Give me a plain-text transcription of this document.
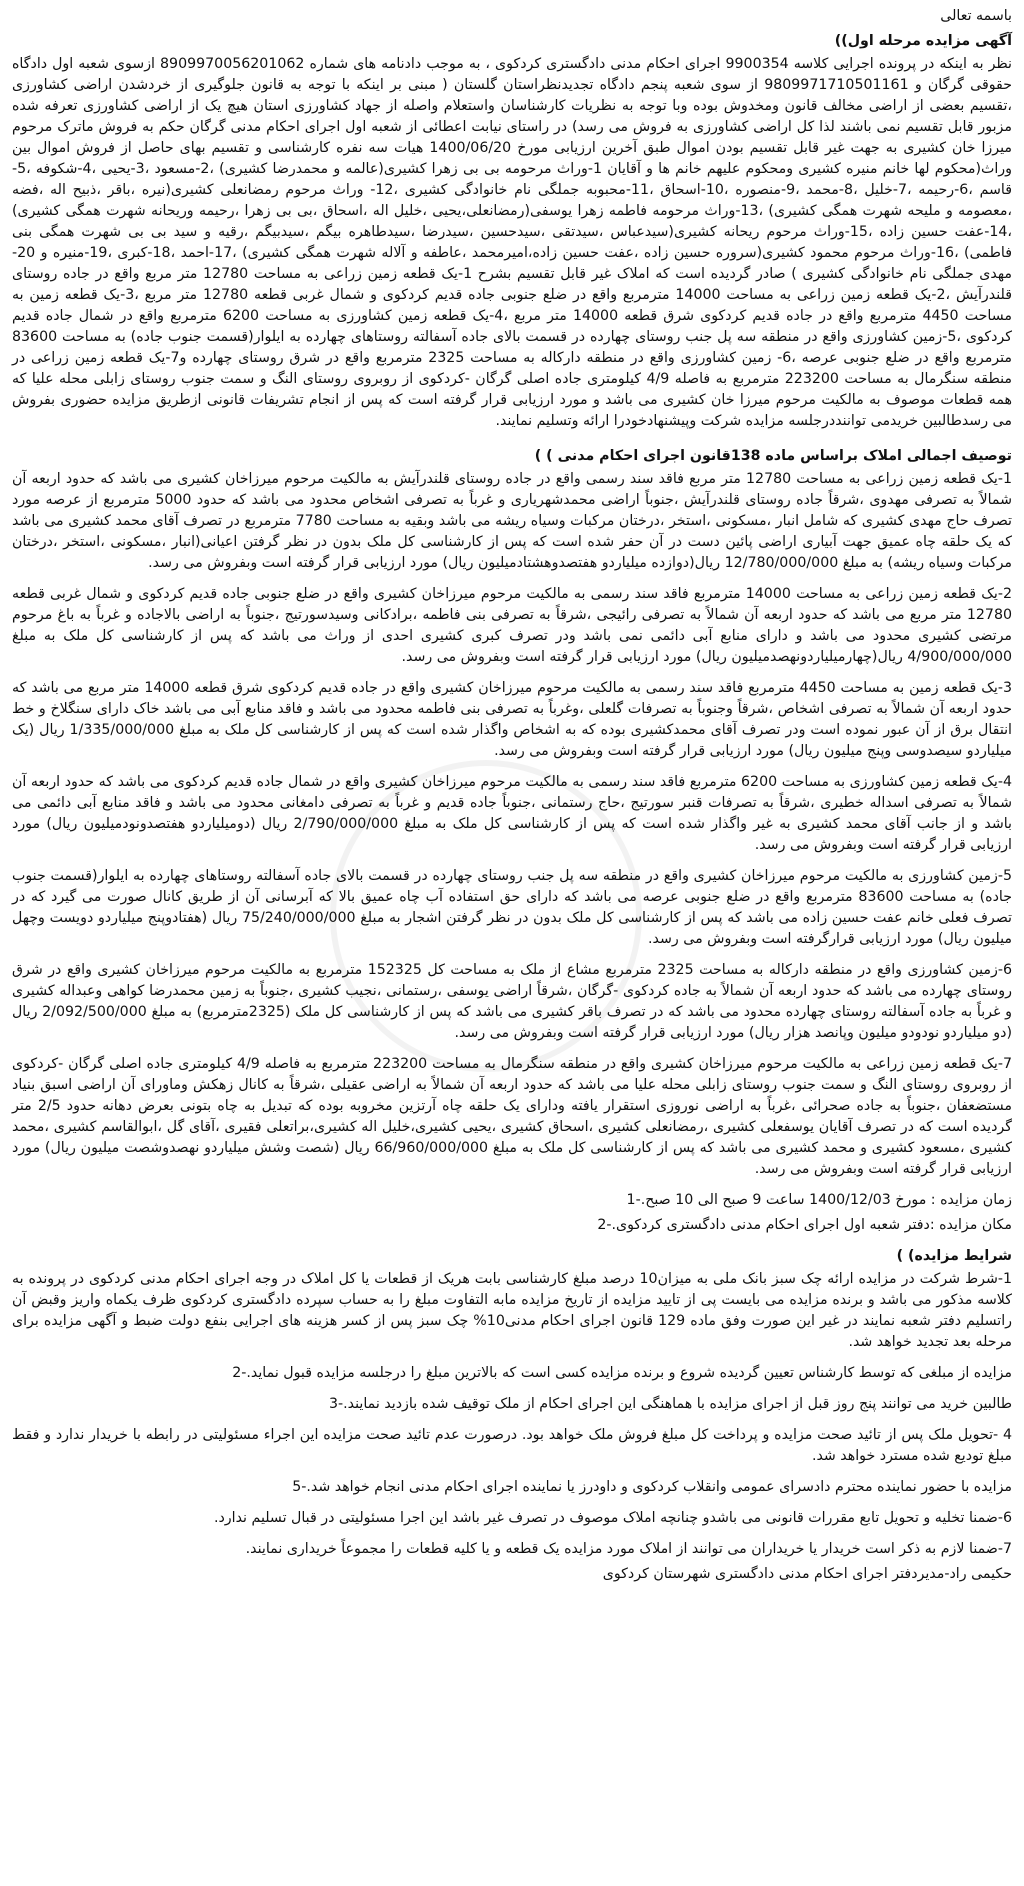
باسمه تعالی

آگهی مزایده مرحله اول))

نظر به اینکه در پرونده اجرایی کلاسه 9900354 اجرای احکام مدنی دادگستری کردکوی ، به موجب دادنامه های شماره 8909970056201062 ازسوی شعبه اول دادگاه حقوقی گرگان و 9809971710501161 از سوی شعبه پنجم دادگاه تجدیدنظراستان گلستان ( مبنی بر اینکه با توجه به قانون جلوگیری از خردشدن اراضی کشاورزی ،تقسیم بعضی از اراضی مخالف قانون ومخدوش بوده وبا توجه به نظریات کارشناسان واستعلام واصله از جهاد کشاورزی استان هیچ یک از اراضی کشاورزی تعرفه شده مزبور قابل تقسیم نمی باشند لذا کل اراضی کشاورزی به فروش می رسد) در راستای نیابت اعطائی از شعبه اول اجرای احکام مدنی گرگان حکم به فروش ماترک مرحوم میرزا خان کشیری به جهت غیر قابل تقسیم بودن اموال طبق آخرین ارزیابی مورخ 1400/06/20 هیات سه نفره کارشناسی و تقسیم بهای حاصل از فروش اموال بین وراث(محکوم لها خانم منیره کشیری ومحکوم علیهم خانم ها و آقایان 1-وراث مرحومه بی بی زهرا کشیری(عالمه و محمدرضا کشیری) ،2-مسعود ،3-یحیی ،4-شکوفه ،5-قاسم ،6-رحیمه ،7-خلیل ،8-محمد ،9-منصوره ،10-اسحاق ،11-محبوبه جملگی نام خانوادگی کشیری ،12- وراث مرحوم رمضانعلی کشیری(نیره ،باقر ،ذبیح اله ،فضه ،معصومه و ملیحه شهرت همگی کشیری) ،13-وراث مرحومه فاطمه زهرا یوسفی(رمضانعلی،یحیی ،خلیل اله ،اسحاق ،بی بی زهرا ،رحیمه وریحانه شهرت همگی کشیری) ،14-عفت حسین زاده ،15-وراث مرحوم ریحانه کشیری(سیدعباس ،سیدتقی ،سیدحسین ،سیدرضا ،سیدطاهره بیگم ،سیدبیگم ،رقیه و سید بی بی شهرت همگی بنی فاطمی) ،16-وراث مرحوم محمود کشیری(سروره حسین زاده ،عفت حسین زاده،امیرمحمد ،عاطفه و آلاله شهرت همگی کشیری) ،17-احمد ،18-کبری ،19-منیره و 20-مهدی جملگی نام خانوادگی کشیری ) صادر گردیده است که املاک غیر قابل تقسیم بشرح 1-یک قطعه زمین زراعی به مساحت 12780 متر مربع واقع در جاده روستای قلندرآیش ،2-یک قطعه زمین زراعی به مساحت 14000 مترمربع واقع در ضلع جنوبی جاده قدیم کردکوی و شمال غربی قطعه 12780 متر مربع ،3-یک قطعه زمین به مساحت 4450 مترمربع واقع در جاده قدیم کردکوی شرق قطعه 14000 متر مربع ،4-یک قطعه زمین کشاورزی به مساحت 6200 مترمربع واقع در شمال جاده قدیم کردکوی ،5-زمین کشاورزی واقع در منطقه سه پل جنب روستای چهارده در قسمت بالای جاده آسفالته روستاهای چهارده به ایلوار(قسمت جنوب جاده) به مساحت 83600 مترمربع واقع در ضلع جنوبی عرصه ،6- زمین کشاورزی واقع در منطقه دارکاله به مساحت 2325 مترمربع واقع در شرق روستای چهارده و7-یک قطعه زمین زراعی در منطقه سنگرمال به مساحت 223200 مترمربع به فاصله 4/9 کیلومتری جاده اصلی گرگان -کردکوی از روبروی روستای النگ و سمت جنوب روستای زابلی محله علیا که همه قطعات موصوف به مالکیت مرحوم میرزا خان کشیری می باشد و مورد ارزیابی قرار گرفته است که پس از انجام تشریفات قانونی ازطریق مزایده حضوری بفروش می رسدطالبین خریدمی توانندد‌رجلسه مزایده شرکت وپیشنهادخودرا ارائه وتسلیم نمایند.

توصیف اجمالی املاک براساس ماده 138قانون اجرای احکام مدنی ) )

1-یک قطعه زمین زراعی به مساحت 12780 متر مربع فاقد سند رسمی واقع در جاده روستای قلندرآیش به مالکیت مرحوم میرزاخان کشیری می باشد که حدود اربعه آن شمالاً به تصرفی مهدوی ،شرقاً جاده روستای قلندرآیش ،جنوباً اراضی محمدشهریاری و غرباً به تصرفی اشخاص محدود می باشد که حدود 5000 مترمربع از عرصه مورد تصرف حاج مهدی کشیری که شامل انبار ،مسکونی ،استخر ،درختان مرکبات وسیاه ریشه می باشد وبقیه به مساحت 7780 مترمربع در تصرف آقای محمد کشیری می باشد که یک حلقه چاه عمیق جهت آبیاری اراضی پائین دست در آن حفر شده است که پس از کارشناسی کل ملک بدون در نظر گرفتن اعیانی(انبار ،مسکونی ،استخر ،درختان مرکبات وسیاه ریشه) به مبلغ 12/780/000/000 ریال(دوازده میلیاردو هفتصدوهشتادمیلیون ریال) مورد ارزیابی قرار گرفته است وبفروش می رسد.

2-یک قطعه زمین زراعی به مساحت 14000 مترمربع فاقد سند رسمی به مالکیت مرحوم میرزاخان کشیری واقع در ضلع جنوبی جاده قدیم کردکوی و شمال غربی قطعه 12780 متر مربع می باشد که حدود اربعه آن شمالاً به تصرفی رائیجی ،شرقاً به تصرفی بنی فاطمه ،برادکانی وسیدسورتیج ،جنوباً به اراضی بالاجاده و غرباً به باغ مرحوم مرتضی کشیری محدود می باشد و دارای منابع آبی دائمی نمی باشد ودر تصرف کبری کشیری احدی از وراث می باشد که پس از کارشناسی کل ملک به مبلغ 4/900/000/000 ریال(چهارمیلیاردونهصدمیلیون ریال) مورد ارزیابی قرار گرفته است وبفروش می رسد.

3-یک قطعه زمین به مساحت 4450 مترمربع فاقد سند رسمی به مالکیت مرحوم میرزاخان کشیری واقع در جاده قدیم کردکوی شرق قطعه 14000 متر مربع می باشد که حدود اربعه آن شمالاً به تصرفی اشخاص ،شرقاً وجنوباً به تصرفات گلعلی ،وغرباً به تصرفی بنی فاطمه محدود می باشد و فاقد منابع آبی می باشد خاک دارای سنگلاخ و خط انتقال برق از آن عبور نموده است ودر تصرف آقای محمدکشیری بوده که به اشخاص واگذار شده است که پس از کارشناسی کل ملک به مبلغ 1/335/000/000 ریال (یک میلیاردو سیصدوسی وپنج میلیون ریال) مورد ارزیابی قرار گرفته است وبفروش می رسد.

4-یک قطعه زمین کشاورزی به مساحت 6200 مترمربع فاقد سند رسمی به مالکیت مرحوم میرزاخان کشیری واقع در شمال جاده قدیم کردکوی می باشد که حدود اربعه آن شمالاً به تصرفی اسداله خطیری ،شرقاً به تصرفات قنبر سورتیج ،حاج رستمانی ،جنوباً جاده قدیم و غرباً به تصرفی دامغانی محدود می باشد و فاقد منابع آبی دائمی می باشد و از جانب آقای محمد کشیری به غیر واگذار شده است که پس از کارشناسی کل ملک به مبلغ 2/790/000/000 ریال (دومیلیاردو هفتصدونودمیلیون ریال) مورد ارزیابی قرار گرفته است وبفروش می رسد.

5-زمین کشاورزی به مالکیت مرحوم میرزاخان کشیری واقع در منطقه سه پل جنب روستای چهارده در قسمت بالای جاده آسفالته روستاهای چهارده به ایلوار(قسمت جنوب جاده) به مساحت 83600 مترمربع واقع در ضلع جنوبی عرصه می باشد که دارای حق استفاده آب چاه عمیق بالا که آبرسانی آن از طریق کانال صورت می گیرد که در تصرف فعلی خانم عفت حسین زاده می باشد که پس از کارشناسی کل ملک بدون در نظر گرفتن اشجار به مبلغ 75/240/000/000 ریال (هفتادوپنج میلیاردو دویست وچهل میلیون ریال) مورد ارزیابی قرارگرفته است وبفروش می رسد.

6-زمین کشاورزی واقع در منطقه دارکاله به مساحت 2325 مترمربع مشاع از ملک به مساحت کل 152325 مترمربع به مالکیت مرحوم میرزاخان کشیری واقع در شرق روستای چهارده می باشد که حدود اربعه آن شمالاً به جاده کردکوی -گرگان ،شرقاً اراضی یوسفی ،رستمانی ،نجیب کشیری ،جنوباً به زمین محمدرضا کواهی وعبداله کشیری و غرباً به جاده آسفالته روستای چهارده محدود می باشد که در تصرف باقر کشیری می باشد که پس از کارشناسی کل ملک (2325مترمربع) به مبلغ 2/092/500/000 ریال (دو میلیاردو نودودو میلیون وپانصد هزار ریال) مورد ارزیابی قرار گرفته است وبفروش می رسد.

7-یک قطعه زمین زراعی به مالکیت مرحوم میرزاخان کشیری واقع در منطقه سنگرمال به مساحت 223200 مترمربع به فاصله 4/9 کیلومتری جاده اصلی گرگان -کردکوی از روبروی روستای النگ و سمت جنوب روستای زابلی محله علیا می باشد که حدود اربعه آن شمالاً به اراضی عقیلی ،شرقاً به کانال زهکش وماورای آن اراضی اسبق بنیاد مستضعفان ،جنوباً به جاده صحرائی ،غرباً به اراضی نوروزی استقرار یافته ودارای یک حلقه چاه آرتزین مخروبه بوده که تبدیل به چاه بتونی بعرض دهانه حدود 2/5 متر گردیده است که در تصرف آقایان یوسفعلی کشیری ،رمضانعلی کشیری ،اسحاق کشیری ،یحیی کشیری،خلیل اله کشیری،براتعلی فقیری ،آقای گل ،ابوالقاسم کشیری ،محمد کشیری ،مسعود کشیری و محمد کشیری می باشد که پس از کارشناسی کل ملک به مبلغ 66/960/000/000 ریال (شصت وشش میلیاردو نهصدوشصت میلیون ریال) مورد ارزیابی قرار گرفته است وبفروش می رسد.

زمان مزایده : مورخ 1400/12/03 ساعت 9 صبح الی 10 صبح.-1

مکان مزایده :دفتر شعبه اول اجرای احکام مدنی دادگستری کردکوی.-2

شرایط مزایده) )

1-شرط شرکت در مزایده ارائه چک سبز بانک ملی به میزان10 درصد مبلغ کارشناسی بابت هریک از قطعات یا کل املاک در وجه اجرای احکام مدنی کردکوی در پرونده به کلاسه مذکور می باشد و برنده مزایده می بایست پی از تایید مزایده از تاریخ مزایده مابه التفاوت مبلغ را به حساب سپرده دادگستری کردکوی ظرف یکماه واریز وقبض آن راتسلیم دفتر شعبه نمایند در غیر این صورت وفق ماده 129 قانون اجرای احکام مدنی10% چک سبز پس از کسر هزینه های اجرایی بنفع دولت ضبط و آگهی مزایده برای مرحله بعد تجدید خواهد شد.

مزایده از مبلغی که توسط کارشناس تعیین گردیده شروع و برنده مزایده کسی است که بالاترین مبلغ را درجلسه مزایده قبول نماید.-2

طالبین خرید می توانند پنج روز قبل از اجرای مزایده با هماهنگی این اجرای احکام از ملک توقیف شده بازدید نمایند.-3

4 -تحویل ملک پس از تائید صحت مزایده و پرداخت کل مبلغ فروش ملک خواهد بود. درصورت عدم تائید صحت مزایده این اجراء مسئولیتی در رابطه با خریدار ندارد و فقط مبلغ تودیع شده مسترد خواهد شد.

مزایده با حضور نماینده محترم دادسرای عمومی وانقلاب کردکوی و داودرز یا نماینده اجرای احکام مدنی انجام خواهد شد.-5

6-ضمنا تخلیه و تحویل تابع مقررات قانونی می باشدو چنانچه املاک موصوف در تصرف غیر باشد این اجرا مسئولیتی در قبال تسلیم ندارد.

7-ضمنا لازم به ذکر است خریدار یا خریداران می توانند از املاک مورد مزایده یک قطعه و یا کلیه قطعات را مجموعاً خریداری نمایند.

حکیمی راد-مدیردفتر اجرای احکام مدنی دادگستری شهرستان کردکوی
